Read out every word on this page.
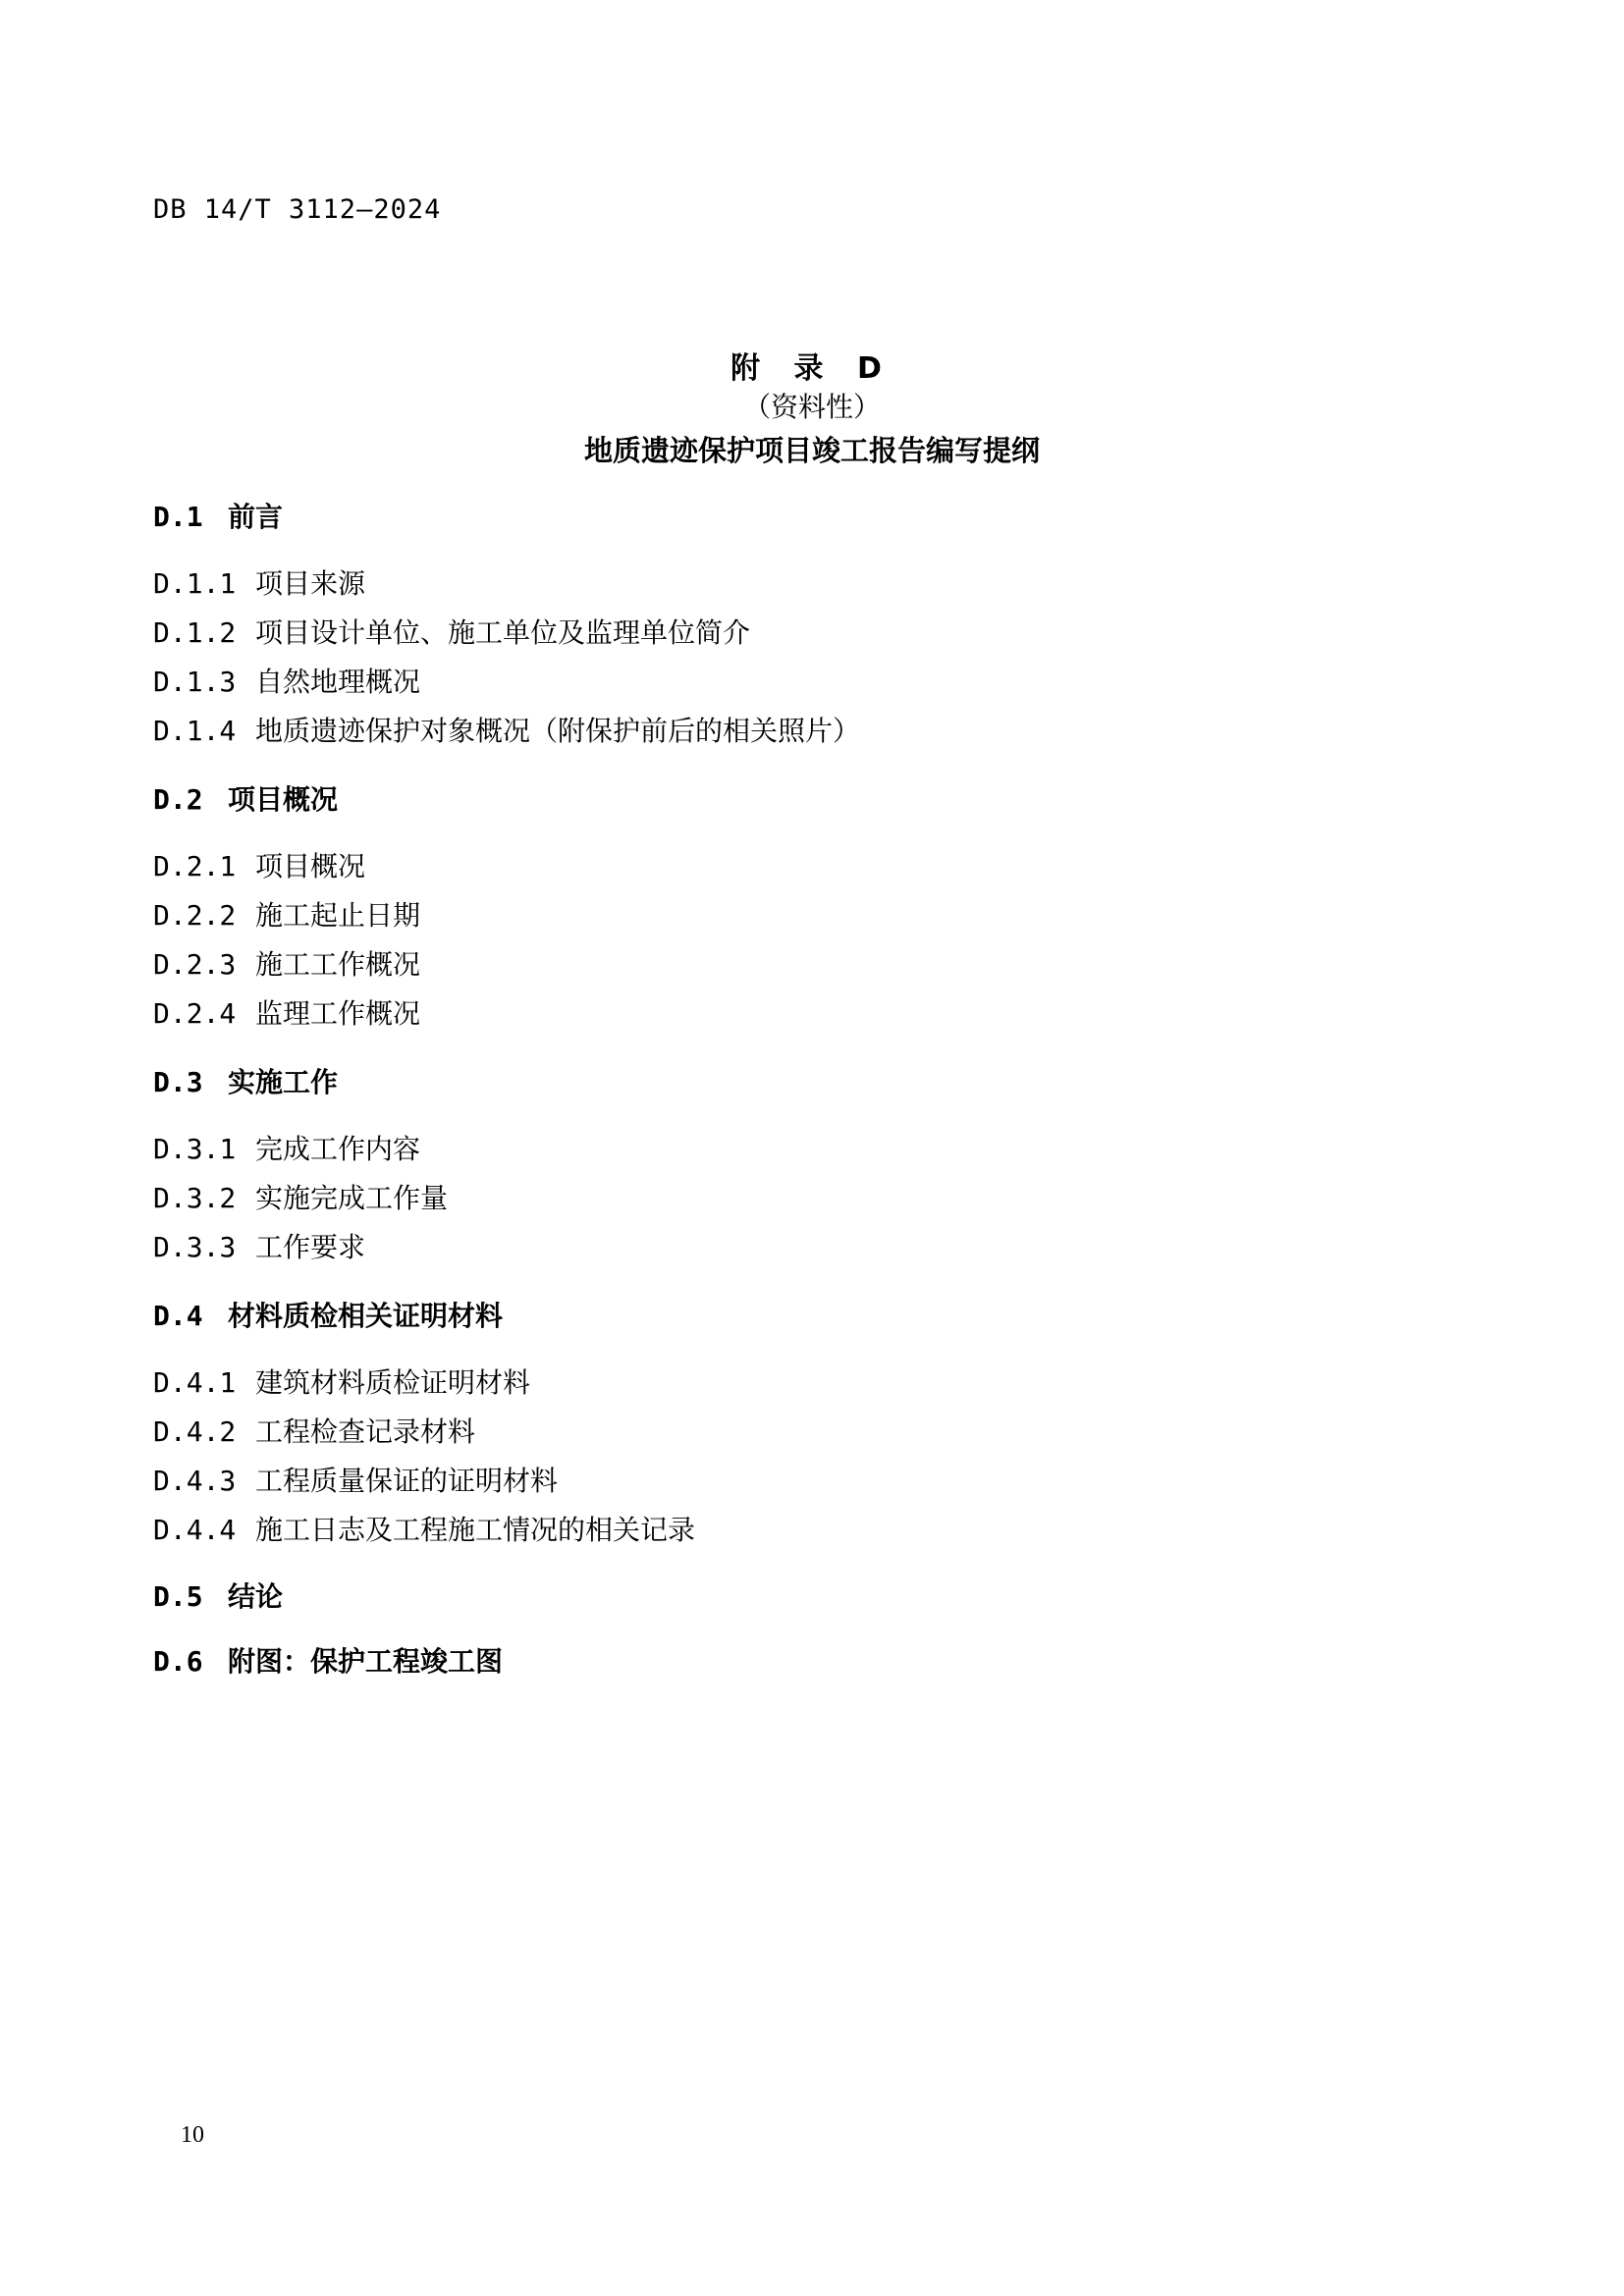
DB 14/T 3112—2024
附 录 D
（资料性）
地质遗迹保护项目竣工报告编写提纲
D.1 前言
D.1.1 项目来源
D.1.2 项目设计单位、施工单位及监理单位简介
D.1.3 自然地理概况
D.1.4 地质遗迹保护对象概况（附保护前后的相关照片）
D.2 项目概况
D.2.1 项目概况
D.2.2 施工起止日期
D.2.3 施工工作概况
D.2.4 监理工作概况
D.3 实施工作
D.3.1 完成工作内容
D.3.2 实施完成工作量
D.3.3 工作要求
D.4 材料质检相关证明材料
D.4.1 建筑材料质检证明材料
D.4.2 工程检查记录材料
D.4.3 工程质量保证的证明材料
D.4.4 施工日志及工程施工情况的相关记录
D.5 结论
D.6 附图：保护工程竣工图
10
